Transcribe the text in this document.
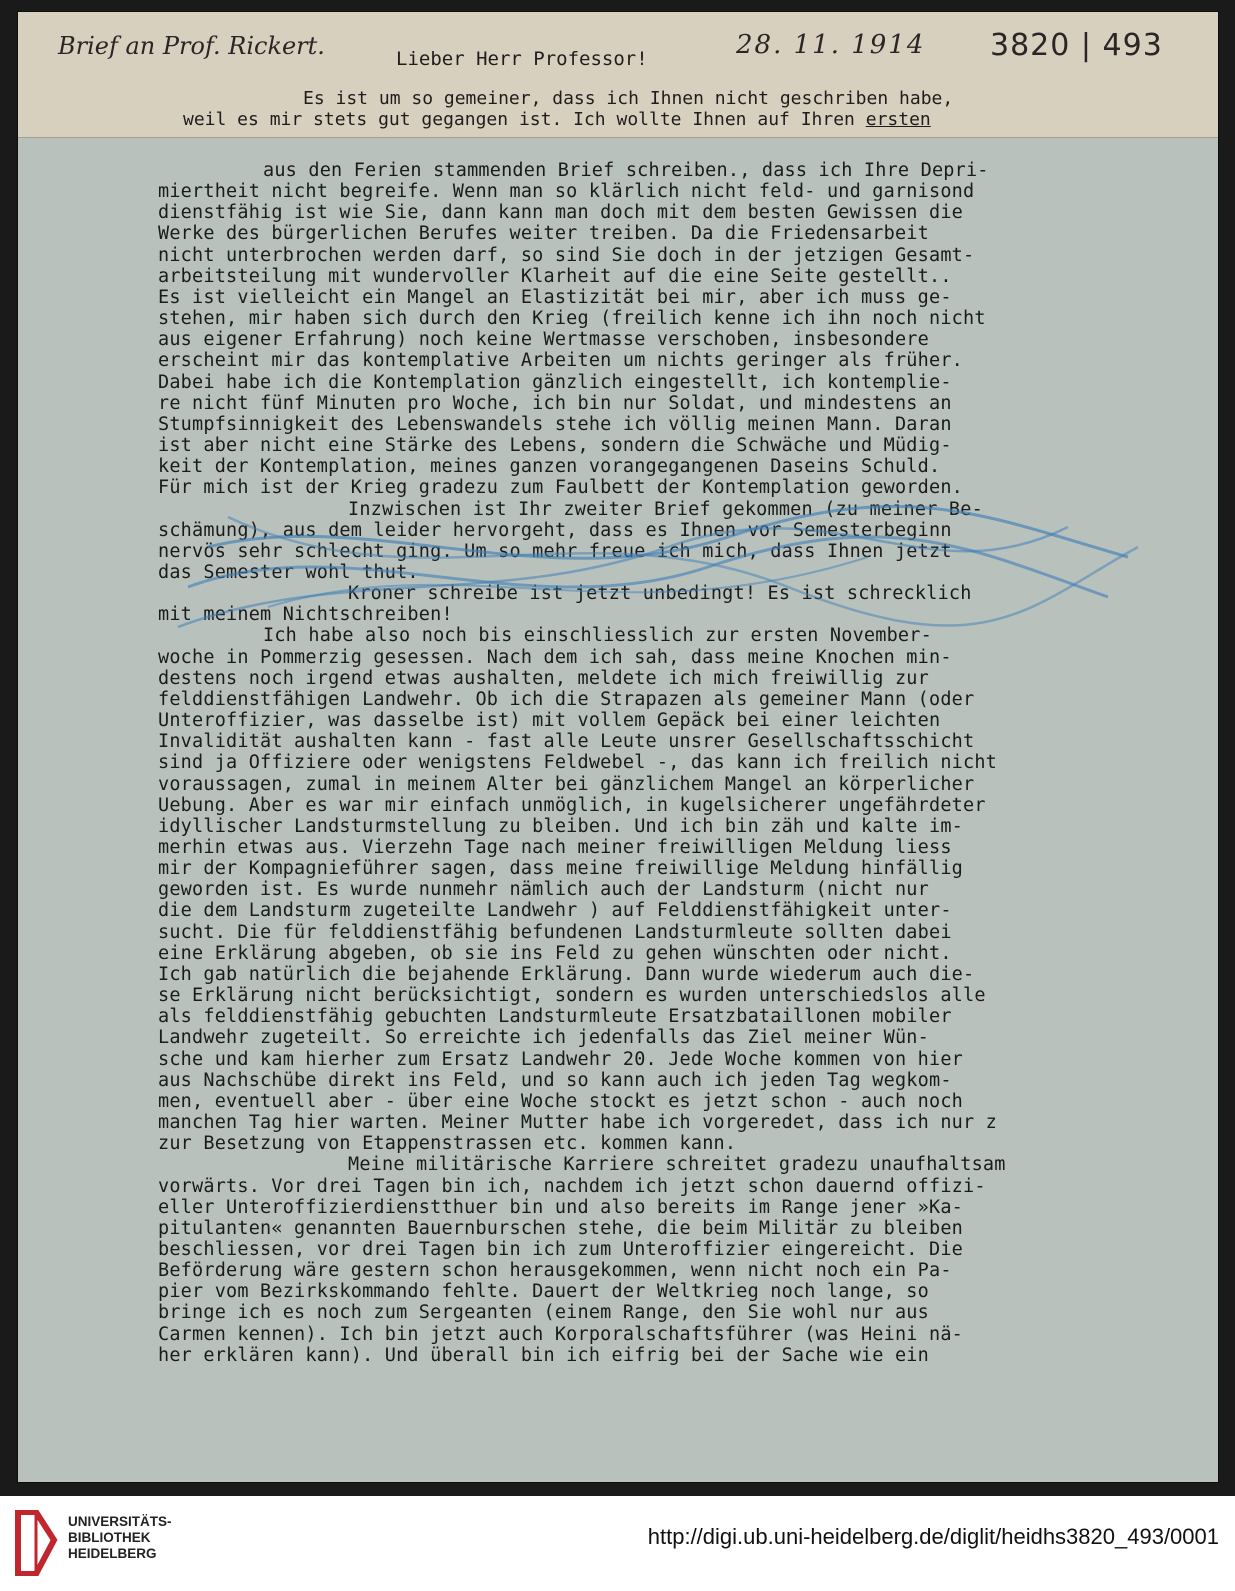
Brief an Prof. Rickert.	28. 11. 1914 3820 | 493
Lieber Herr Professor!
Es ist um so gemeiner, dass ich Ihnen nicht geschriben habe,
weil es mir stets gut gegangen ist. Ich wollte Ihnen auf Ihren ersten
aus den Ferien stammenden Brief schreiben., dass ich Ihre Depri-
miertheit nicht begreife. Wenn man so klärlich nicht feld- und garnisond
dienstfähig ist wie Sie, dann kann man doch mit dem besten Gewissen die
Werke des bürgerlichen Berufes weiter treiben. Da die Friedensarbeit
nicht unterbrochen werden darf, so sind Sie doch in der jetzigen Gesamt-
arbeitsteilung mit wundervoller Klarheit auf die eine Seite gestellt..
Es ist vielleicht ein Mangel an Elastizität bei mir, aber ich muss ge-
stehen, mir haben sich durch den Krieg (freilich kenne ich ihn noch nicht
aus eigener Erfahrung) noch keine Wertmasse verschoben, insbesondere
erscheint mir das kontemplative Arbeiten um nichts geringer als früher.
Dabei habe ich die Kontemplation gänzlich eingestellt, ich kontemplie-
re nicht fünf Minuten pro Woche, ich bin nur Soldat, und mindestens an
Stumpfsinnigkeit des Lebenswandels stehe ich völlig meinen Mann. Daran
ist aber nicht eine Stärke des Lebens, sondern die Schwäche und Müdig-
keit der Kontemplation, meines ganzen vorangegangenen Daseins Schuld.
Für mich ist der Krieg gradezu zum Faulbett der Kontemplation geworden.
Inzwischen ist Ihr zweiter Brief gekommen (zu meiner Be-
schämung), aus dem leider hervorgeht, dass es Ihnen vor Semesterbeginn
nervös sehr schlecht ging. Um so mehr freue ich mich, dass Ihnen jetzt
das Semester wohl thut.
Kroner schreibe ist jetzt unbedingt! Es ist schrecklich
mit meinem Nichtschreiben!
Ich habe also noch bis einschliesslich zur ersten November-
woche in Pommerzig gesessen. Nach dem ich sah, dass meine Knochen min-
destens noch irgend etwas aushalten, meldete ich mich freiwillig zur
felddienstfähigen Landwehr. Ob ich die Strapazen als gemeiner Mann (oder
Unteroffizier, was dasselbe ist) mit vollem Gepäck bei einer leichten
Invalidität aushalten kann - fast alle Leute unsrer Gesellschaftsschicht
sind ja Offiziere oder wenigstens Feldwebel -, das kann ich freilich nicht
voraussagen, zumal in meinem Alter bei gänzlichem Mangel an körperlicher
Uebung. Aber es war mir einfach unmöglich, in kugelsicherer ungefährdeter
idyllischer Landsturmstellung zu bleiben. Und ich bin zäh und kalte im-
merhin etwas aus. Vierzehn Tage nach meiner freiwilligen Meldung liess
mir der Kompagnieführer sagen, dass meine freiwillige Meldung hinfällig
geworden ist. Es wurde nunmehr nämlich auch der Landsturm (nicht nur
die dem Landsturm zugeteilte Landwehr ) auf Felddienstfähigkeit unter-
sucht. Die für felddienstfähig befundenen Landsturmleute sollten dabei
eine Erklärung abgeben, ob sie ins Feld zu gehen wünschten oder nicht.
Ich gab natürlich die bejahende Erklärung. Dann wurde wiederum auch die-
se Erklärung nicht berücksichtigt, sondern es wurden unterschiedslos alle
als felddienstfähig gebuchten Landsturmleute Ersatzbataillonen mobiler
Landwehr zugeteilt. So erreichte ich jedenfalls das Ziel meiner Wün-
sche und kam hierher zum Ersatz Landwehr 20. Jede Woche kommen von hier
aus Nachschübe direkt ins Feld, und so kann auch ich jeden Tag wegkom-
men, eventuell aber - über eine Woche stockt es jetzt schon - auch noch
manchen Tag hier warten. Meiner Mutter habe ich vorgeredet, dass ich nur z
zur Besetzung von Etappenstrassen etc. kommen kann.
Meine militärische Karriere schreitet gradezu unaufhaltsam
vorwärts. Vor drei Tagen bin ich, nachdem ich jetzt schon dauernd offizi-
eller Unteroffizierdienstthuer bin und also bereits im Range jener »Ka-
pitulanten« genannten Bauernburschen stehe, die beim Militär zu bleiben
beschliessen, vor drei Tagen bin ich zum Unteroffizier eingereicht. Die
Beförderung wäre gestern schon herausgekommen, wenn nicht noch ein Pa-
pier vom Bezirkskommando fehlte. Dauert der Weltkrieg noch lange, so
bringe ich es noch zum Sergeanten (einem Range, den Sie wohl nur aus
Carmen kennen). Ich bin jetzt auch Korporalschaftsführer (was Heini nä-
her erklären kann). Und überall bin ich eifrig bei der Sache wie ein
UNIVERSITÄTS-
BIBLIOTHEK
HEIDELBERG
http://digi.ub.uni-heidelberg.de/diglit/heidhs3820_493/0001
